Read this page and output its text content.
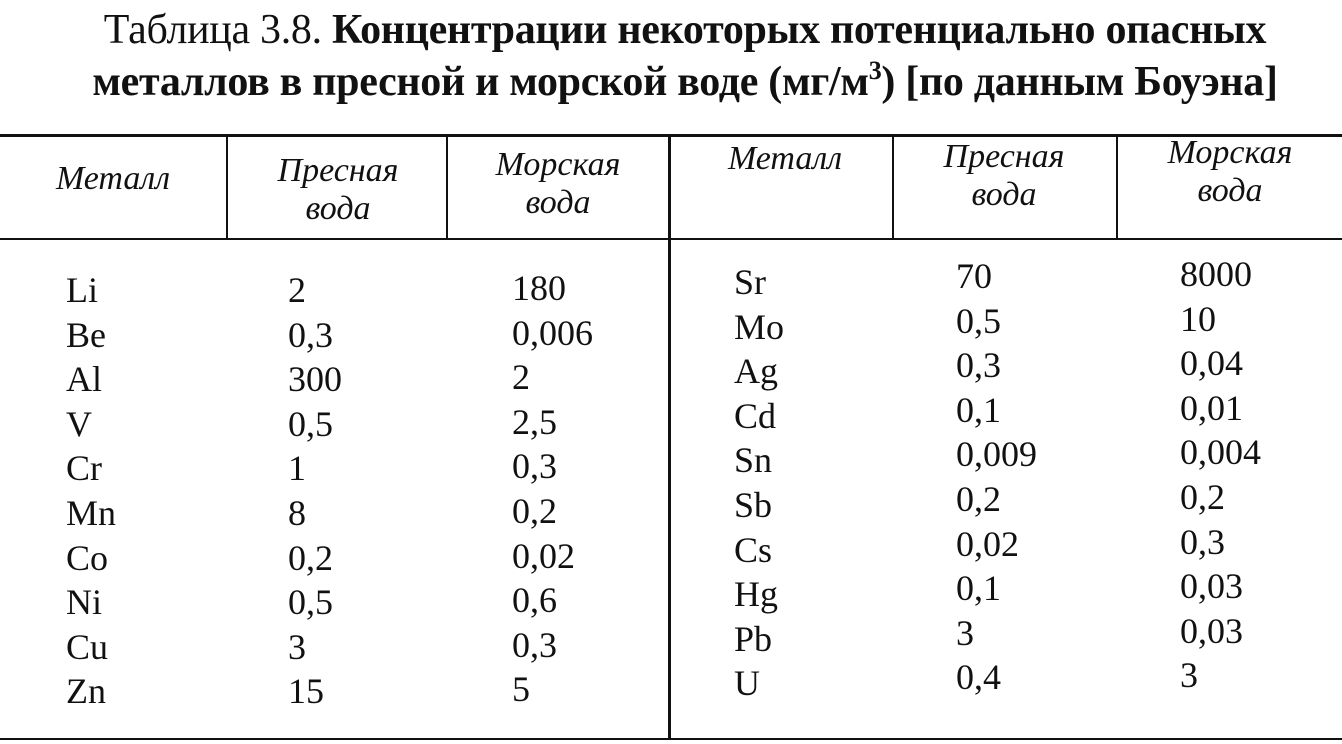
Таблица 3.8. Концентрации некоторых потенциально опасных
металлов в пресной и морской воде $(мг/м^3)$ [по данным Боуэна]
Металл	Пресная
вода
Морская
вода
Металл	Пресная
вода
Морская
вода
Li
Be
Al
V
Cr
Mn
Co
Ni
Cu
Zn
2
0,3
300
0,5
1
8
0,2
0,5
3
15
180
0,006
2
2,5
0,3
0,2
0,02
0,6
0,3
5
Sr
Mo
Ag
Cd
Sn
Sb
Cs
Hg
Pb
U
70
0,5
0,3
0,1
0,009
0,2
0,02
0,1
3
0,4
8000
10
0,04
0,01
0,004
0,2
0,3
0,03
0,03
3
